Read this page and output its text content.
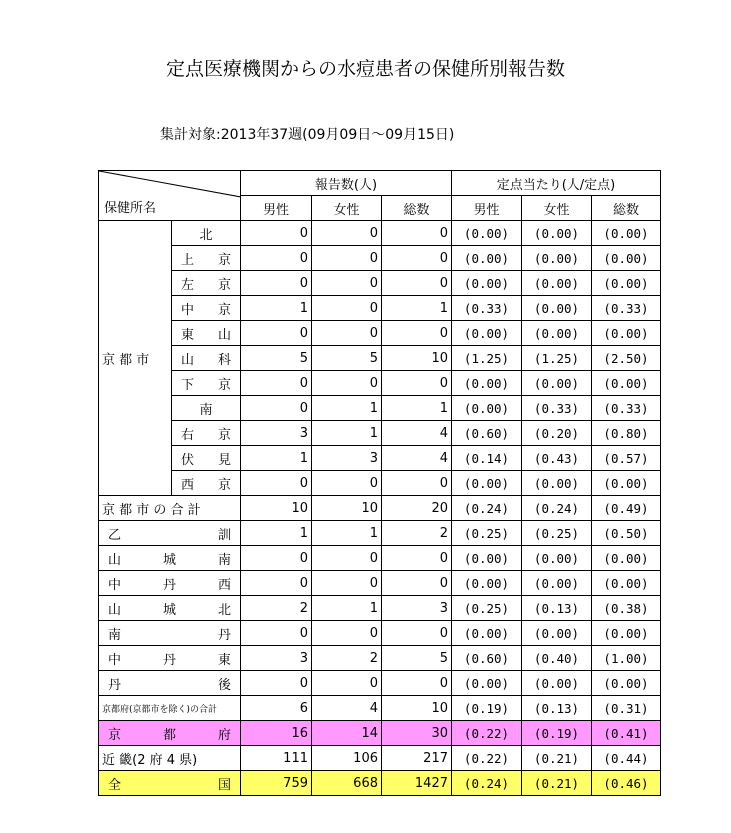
定点医療機関からの水痘患者の保健所別報告数
集計対象:2013年37週(09月09日〜09月15日)
保健所名		報告数(人)			定点当たり(人/定点)		
		男性	女性	総数	男性	女性	総数
京 都 市	北	0	0	0	(0.00)	(0.00)	(0.00)

	上 京	0	0	0	(0.00)	(0.00)	(0.00)

	左 京	0	0	0	(0.00)	(0.00)	(0.00)

	中 京	1	0	1	(0.33)	(0.00)	(0.33)

	東 山	0	0	0	(0.00)	(0.00)	(0.00)

	山 科	5	5	10	(1.25)	(1.25)	(2.50)

	下 京	0	0	0	(0.00)	(0.00)	(0.00)

	南	0	1	1	(0.00)	(0.33)	(0.33)

	右 京	3	1	4	(0.60)	(0.20)	(0.80)

	伏 見	1	3	4	(0.14)	(0.43)	(0.57)

	西 京	0	0	0	(0.00)	(0.00)	(0.00)
京 都 市 の 合 計		10	10	20	(0.24)	(0.24)	(0.49)

乙 訓		1	1	2	(0.25)	(0.25)	(0.50)

山 城 南		0	0	0	(0.00)	(0.00)	(0.00)

中 丹 西		0	0	0	(0.00)	(0.00)	(0.00)

山 城 北		2	1	3	(0.25)	(0.13)	(0.38)

南 丹		0	0	0	(0.00)	(0.00)	(0.00)

中 丹 東		3	2	5	(0.60)	(0.40)	(1.00)

丹 後		0	0	0	(0.00)	(0.00)	(0.00)
京都府(京都市を除く)の合計		6	4	10	(0.19)	(0.13)	(0.31)

京 都 府		16	14	30	(0.22)	(0.19)	(0.41)
近 畿(2 府 4 県)		111	106	217	(0.22)	(0.21)	(0.44)

全 国		759	668	1427	(0.24)	(0.21)	(0.46)
